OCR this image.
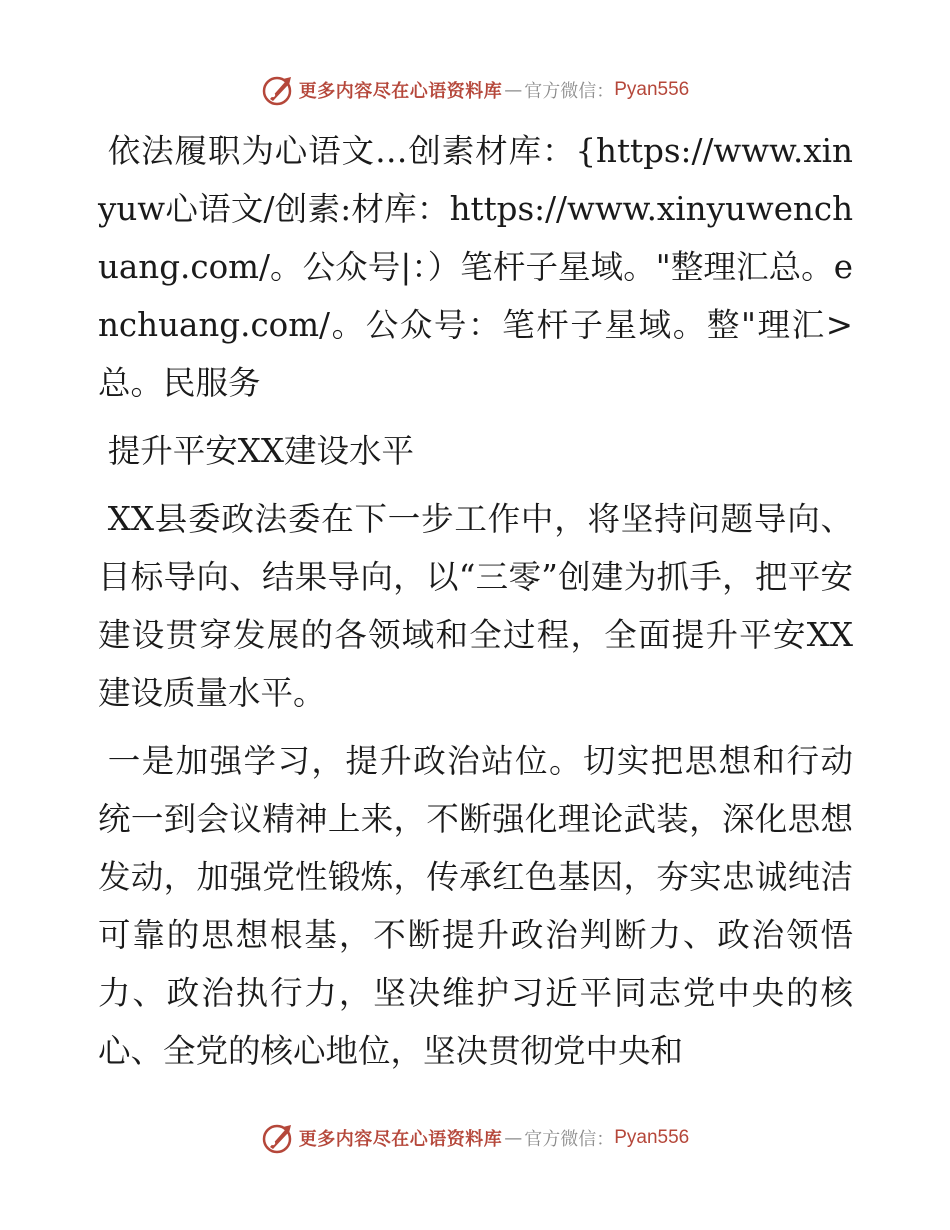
更多内容尽在心语资料库 — 官方微信： Pyan556

依法履职为心语文…创素材库：{https://www.xinyuw心语文/创素:材库：https://www.xinyuwenchuang.com/。公众号|：）笔杆子星域。"整理汇总。enchuang.com/。公众号：笔杆子星域。整"理汇>总。民服务

提升平安XX建设水平

XX县委政法委在下一步工作中，将坚持问题导向、目标导向、结果导向，以“三零”创建为抓手，把平安建设贯穿发展的各领域和全过程，全面提升平安XX建设质量水平。

一是加强学习，提升政治站位。切实把思想和行动统一到会议精神上来，不断强化理论武装，深化思想发动，加强党性锻炼，传承红色基因，夯实忠诚纯洁可靠的思想根基，不断提升政治判断力、政治领悟力、政治执行力，坚决维护习近平同志党中央的核心、全党的核心地位，坚决贯彻党中央和

更多内容尽在心语资料库 — 官方微信： Pyan556
